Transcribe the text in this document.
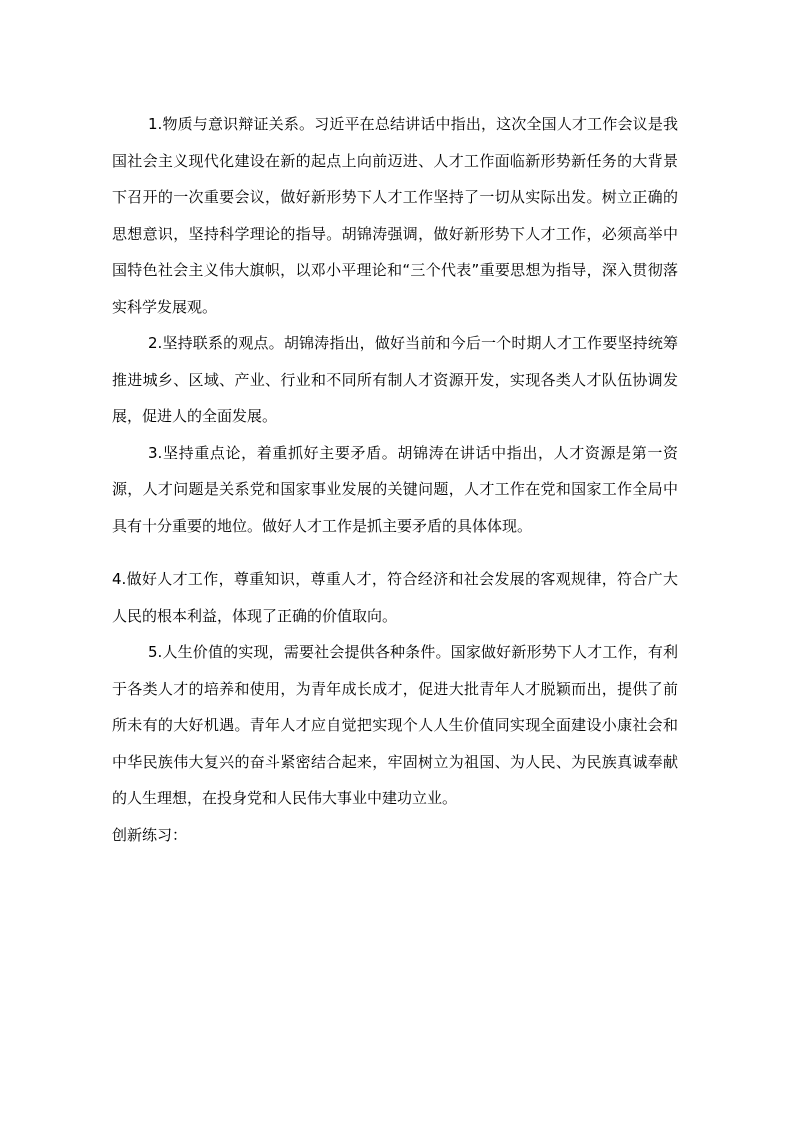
1.物质与意识辩证关系。习近平在总结讲话中指出，这次全国人才工作会议是我国社会主义现代化建设在新的起点上向前迈进、人才工作面临新形势新任务的大背景下召开的一次重要会议，做好新形势下人才工作坚持了一切从实际出发。树立正确的思想意识，坚持科学理论的指导。胡锦涛强调，做好新形势下人才工作，必须高举中国特色社会主义伟大旗帜，以邓小平理论和“三个代表”重要思想为指导，深入贯彻落实科学发展观。

2.坚持联系的观点。胡锦涛指出，做好当前和今后一个时期人才工作要坚持统筹推进城乡、区域、产业、行业和不同所有制人才资源开发，实现各类人才队伍协调发展，促进人的全面发展。

3.坚持重点论，着重抓好主要矛盾。胡锦涛在讲话中指出，人才资源是第一资源，人才问题是关系党和国家事业发展的关键问题，人才工作在党和国家工作全局中具有十分重要的地位。做好人才工作是抓主要矛盾的具体体现。

4.做好人才工作，尊重知识，尊重人才，符合经济和社会发展的客观规律，符合广大人民的根本利益，体现了正确的价值取向。

5.人生价值的实现，需要社会提供各种条件。国家做好新形势下人才工作，有利于各类人才的培养和使用，为青年成长成才，促进大批青年人才脱颖而出，提供了前所未有的大好机遇。青年人才应自觉把实现个人人生价值同实现全面建设小康社会和中华民族伟大复兴的奋斗紧密结合起来，牢固树立为祖国、为人民、为民族真诚奉献的人生理想，在投身党和人民伟大事业中建功立业。

创新练习：
